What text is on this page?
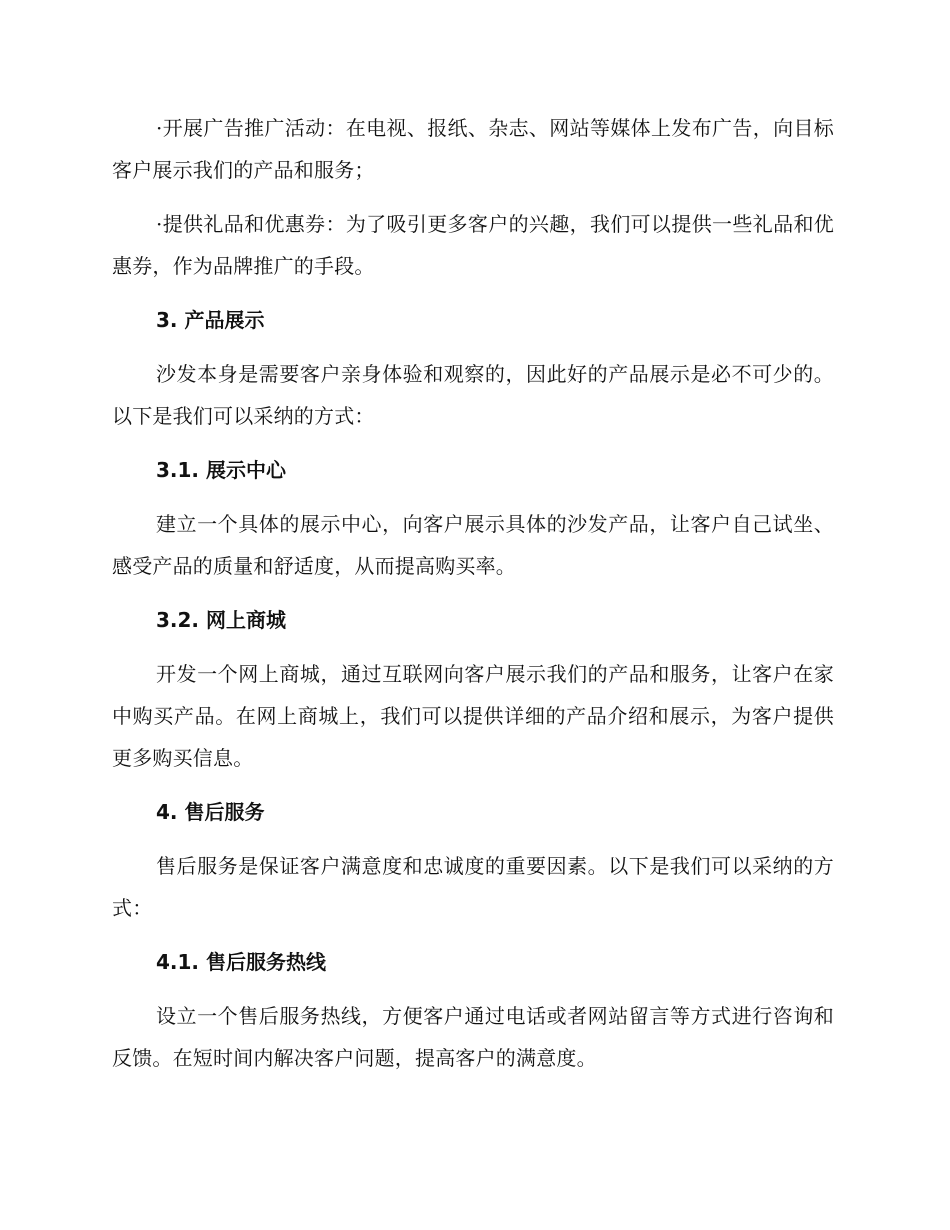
·开展广告推广活动：在电视、报纸、杂志、网站等媒体上发布广告，向目标客户展示我们的产品和服务；

·提供礼品和优惠券：为了吸引更多客户的兴趣，我们可以提供一些礼品和优惠券，作为品牌推广的手段。

3. 产品展示

沙发本身是需要客户亲身体验和观察的，因此好的产品展示是必不可少的。以下是我们可以采纳的方式：

3.1. 展示中心

建立一个具体的展示中心，向客户展示具体的沙发产品，让客户自己试坐、感受产品的质量和舒适度，从而提高购买率。

3.2. 网上商城

开发一个网上商城，通过互联网向客户展示我们的产品和服务，让客户在家中购买产品。在网上商城上，我们可以提供详细的产品介绍和展示，为客户提供更多购买信息。

4. 售后服务

售后服务是保证客户满意度和忠诚度的重要因素。以下是我们可以采纳的方式：

4.1. 售后服务热线

设立一个售后服务热线，方便客户通过电话或者网站留言等方式进行咨询和反馈。在短时间内解决客户问题，提高客户的满意度。
